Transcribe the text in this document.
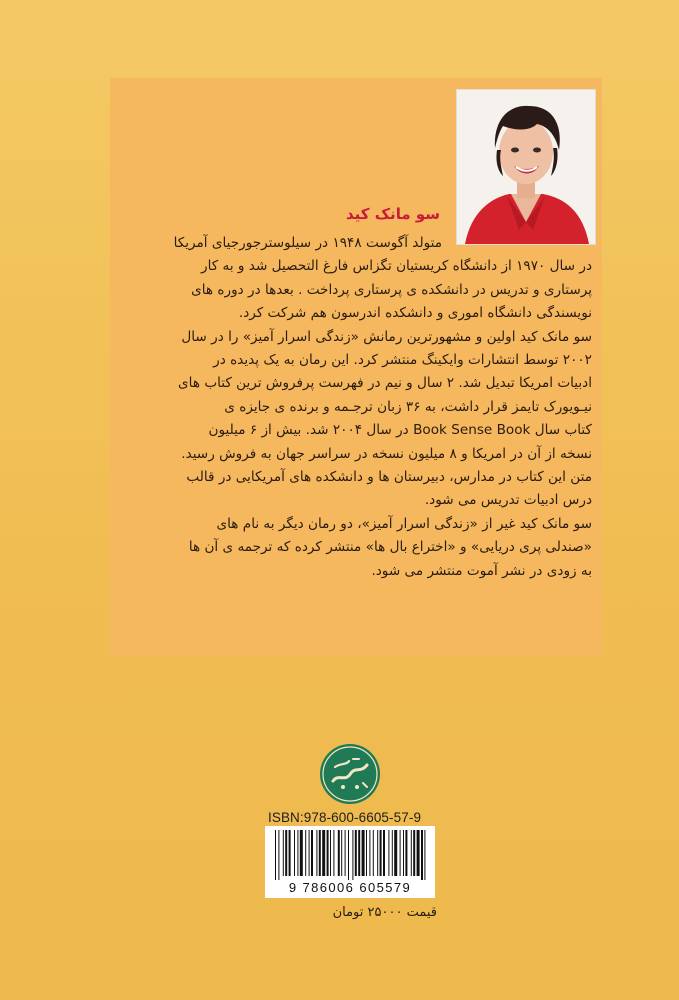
سو مانک کید
متولد آگوست ۱۹۴۸ در سیلوسترجورجیای آمریکا
در سال ۱۹۷۰ از دانشگاه کریستیان تگزاس فارغ التحصیل شد و به کار
پرستاری و تدریس در دانشکده ی پرستاری پرداخت . بعدها در دوره های
نویسندگی دانشگاه اموری و دانشکده اندرسون هم شرکت کرد.
سو مانک کید اولین و مشهورترین رمانش «زندگی اسرار آمیز» را در سال
۲۰۰۲ توسط انتشارات وایکینگ منتشر کرد. این رمان به یک پدیده در
ادبیات امریکا تبدیل شد. ۲ سال و نیم در فهرست پرفروش ترین کتاب های
نیـویورک تایمز قرار داشت، به ۳۶ زبان ترجـمه و برنده ی جایزه ی
کتاب سال Book Sense Book در سال ۲۰۰۴ شد. بیش از ۶ میلیون
نسخه از آن در امریکا و ۸ میلیون نسخه در سراسر جهان به فروش رسید.
متن این کتاب در مدارس، دبیرستان ها و دانشکده های آمریکایی در قالب
درس ادبیات تدریس می شود.
سو مانک کید غیر از «زندگی اسرار آمیز»، دو رمان دیگر به نام های
«صندلی پری دریایی» و «اختراع بال ها» منتشر کرده که ترجمه ی آن ها
به زودی در نشر آموت منتشر می شود.
ISBN:978-600-6605-57-9
9 786006 605579
قیمت ۲۵۰۰۰ تومان
